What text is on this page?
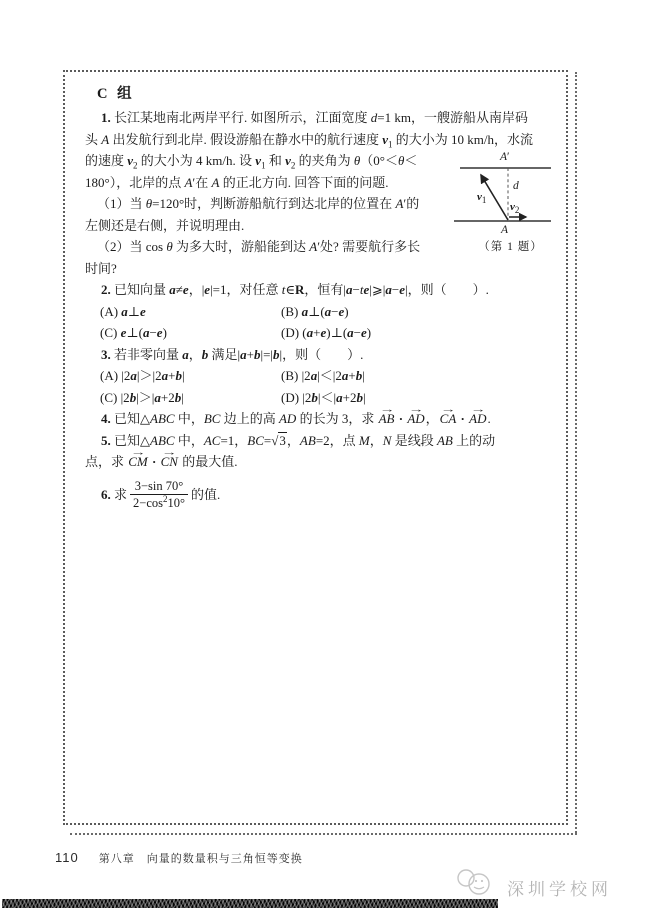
C 组
1. 长江某地南北两岸平行. 如图所示，江面宽度 d=1 km，一艘游船从南岸码
头 A 出发航行到北岸. 假设游船在静水中的航行速度 $v_1$ 的大小为 10 km/h，水流
的速度 $v_2$ 的大小为 4 km/h. 设 $v_1$ 和 $v_2$ 的夹角为 θ（0°＜θ＜
180°），北岸的点 A′在 A 的正北方向. 回答下面的问题.
（1）当 θ=120°时，判断游船航行到达北岸的位置在 A′的
左侧还是右侧，并说明理由.
（2）当 cos θ 为多大时，游船能到达 A′处? 需要航行多长
时间?
2. 已知向量 a≠e，|e|=1，对任意 t∈R，恒有|a−te|⩾|a−e|，则（　　）.
(A) a⊥e	(B) a⊥(a−e)
(C) e⊥(a−e)	(D) (a+e)⊥(a−e)
3. 若非零向量 a，b 满足|a+b|=|b|，则（　　）.
(A) |2a|＞|2a+b|	(B) |2a|＜|2a+b|
(C) |2b|＞|a+2b|	(D) |2b|＜|a+2b|
4. 已知△ABC 中，BC 边上的高 AD 的长为 3，求 AB → · AD →，CA → · AD →.
5. 已知△ABC 中，AC=1，BC=√3，AB=2，点 M，N 是线段 AB 上的动
点，求 CM → · CN → 的最大值.
6. 求 $\frac{3-\sin 70^\circ}{2-\cos^210^\circ}$ 的值.
A′
d
$v_1$
$v_2$
A
（第 1 题）
110 第八章 向量的数量积与三角恒等变换
深圳学校网
